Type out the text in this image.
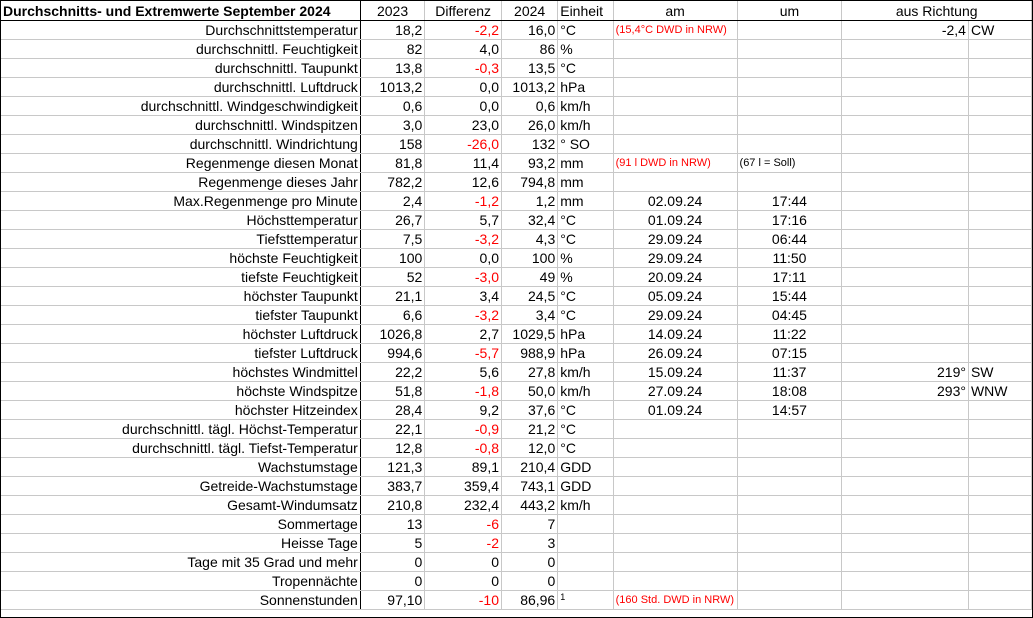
Durchschnitts- und Extremwerte September 2024	2023	Differenz	2024	Einheit	am	um	aus Richtung	
Durchschnittstemperatur	18,2	-2,2	16,0	°C	(15,4°C DWD in NRW)		-2,4	CW
durchschnittl. Feuchtigkeit	82	4,0	86	%				
durchschnittl. Taupunkt	13,8	-0,3	13,5	°C				
durchschnittl. Luftdruck	1013,2	0,0	1013,2	hPa				
durchschnittl. Windgeschwindigkeit	0,6	0,0	0,6	km/h				
durchschnittl. Windspitzen	3,0	23,0	26,0	km/h				
durchschnittl. Windrichtung	158	-26,0	132	° SO				
Regenmenge diesen Monat	81,8	11,4	93,2	mm	(91 l DWD in NRW)	(67 l = Soll)		
Regenmenge dieses Jahr	782,2	12,6	794,8	mm				
Max.Regenmenge pro Minute	2,4	-1,2	1,2	mm	02.09.24	17:44		
Höchsttemperatur	26,7	5,7	32,4	°C	01.09.24	17:16		
Tiefsttemperatur	7,5	-3,2	4,3	°C	29.09.24	06:44		
höchste Feuchtigkeit	100	0,0	100	%	29.09.24	11:50		
tiefste Feuchtigkeit	52	-3,0	49	%	20.09.24	17:11		
höchster Taupunkt	21,1	3,4	24,5	°C	05.09.24	15:44		
tiefster Taupunkt	6,6	-3,2	3,4	°C	29.09.24	04:45		
höchster Luftdruck	1026,8	2,7	1029,5	hPa	14.09.24	11:22		
tiefster Luftdruck	994,6	-5,7	988,9	hPa	26.09.24	07:15		
höchstes Windmittel	22,2	5,6	27,8	km/h	15.09.24	11:37	219°	SW
höchste Windspitze	51,8	-1,8	50,0	km/h	27.09.24	18:08	293°	WNW
höchster Hitzeindex	28,4	9,2	37,6	°C	01.09.24	14:57		
durchschnittl. tägl. Höchst-Temperatur	22,1	-0,9	21,2	°C				
durchschnittl. tägl. Tiefst-Temperatur	12,8	-0,8	12,0	°C				
Wachstumstage	121,3	89,1	210,4	GDD				
Getreide-Wachstumstage	383,7	359,4	743,1	GDD				
Gesamt-Windumsatz	210,8	232,4	443,2	km/h				
Sommertage	13	-6	7					
Heisse Tage	5	-2	3					
Tage mit 35 Grad und mehr	0	0	0					
Tropennächte	0	0	0					
Sonnenstunden	97,10	-10	86,96	$^1$	(160 Std. DWD in NRW)			
